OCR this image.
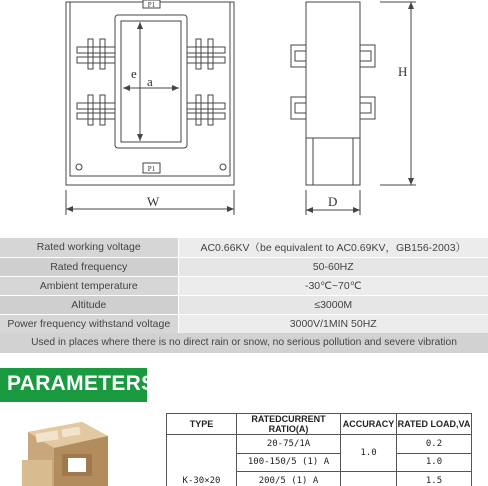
P1
P1
e
a
W
H
D
Rated working voltage	AC0.66KV（be equivalent to AC0.69KV，GB156-2003）
Rated frequency	50-60HZ
Ambient temperature	-30℃~70℃
Altitude	≤3000M
Power frequency withstand voltage	3000V/1MIN 50HZ
Used in places where there is no direct rain or snow, no serious pollution and severe vibration
PARAMETERS
TYPE	RATEDCURRENT RATIO(A)	ACCURACY	RATED LOAD,VA
K-30×20	20-75/1A	1.0	0.2
	100-150/5 (1) A		1.0
	200/5 (1) A		1.5
